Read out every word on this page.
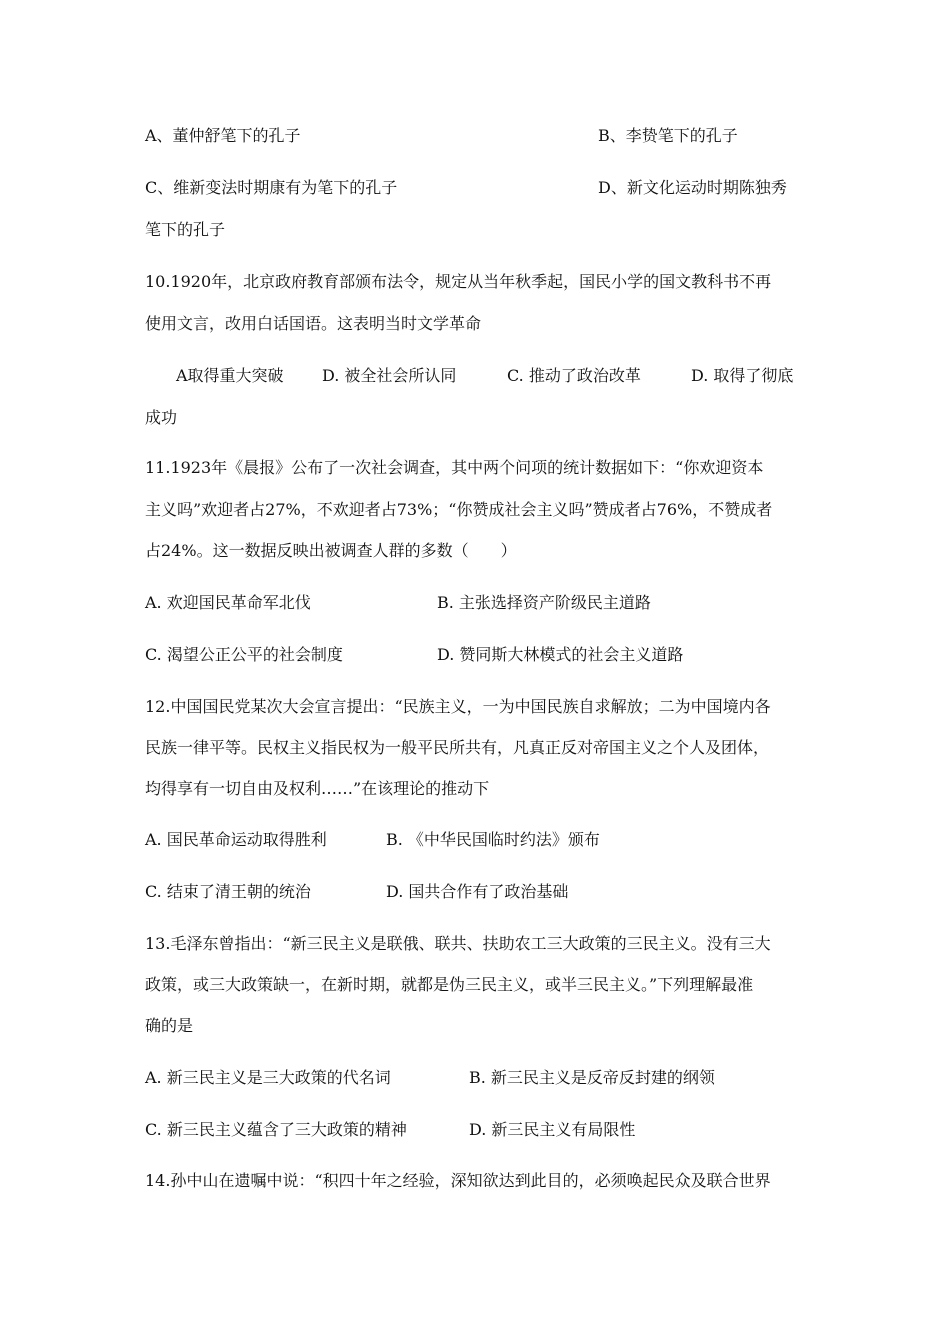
A、董仲舒笔下的孔子	B、李贽笔下的孔子
C、维新变法时期康有为笔下的孔子	D、新文化运动时期陈独秀
笔下的孔子
10.1920年，北京政府教育部颁布法令，规定从当年秋季起，国民小学的国文教科书不再
使用文言，改用白话国语。这表明当时文学革命
A取得重大突破 D. 被全社会所认同	C. 推动了政治改革	D. 取得了彻底
成功
11.1923年《晨报》公布了一次社会调查，其中两个问项的统计数据如下：“你欢迎资本
主义吗”欢迎者占27%，不欢迎者占73%；“你赞成社会主义吗”赞成者占76%，不赞成者
占24%。这一数据反映出被调查人群的多数（　　）
A. 欢迎国民革命军北伐	B. 主张选择资产阶级民主道路
C. 渴望公正公平的社会制度	D. 赞同斯大林模式的社会主义道路
12.中国国民党某次大会宣言提出：“民族主义，一为中国民族自求解放；二为中国境内各
民族一律平等。民权主义指民权为一般平民所共有，凡真正反对帝国主义之个人及团体，
均得享有一切自由及权利……”在该理论的推动下
A. 国民革命运动取得胜利	B. 《中华民国临时约法》颁布
C. 结束了清王朝的统治	D. 国共合作有了政治基础
13.毛泽东曾指出：“新三民主义是联俄、联共、扶助农工三大政策的三民主义。没有三大
政策，或三大政策缺一，在新时期，就都是伪三民主义，或半三民主义。”下列理解最准
确的是
A. 新三民主义是三大政策的代名词	B. 新三民主义是反帝反封建的纲领
C. 新三民主义蕴含了三大政策的精神	D. 新三民主义有局限性
14.孙中山在遗嘱中说：“积四十年之经验，深知欲达到此目的，必须唤起民众及联合世界
